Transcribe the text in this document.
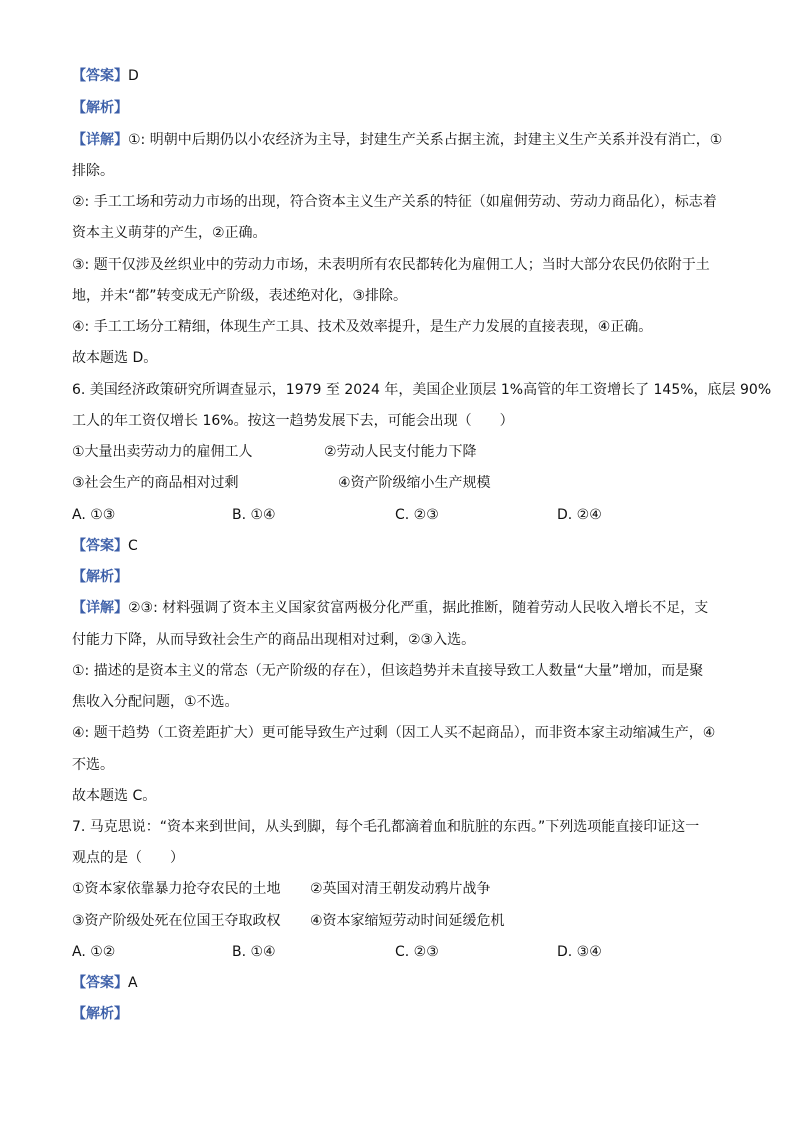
【答案】D
【解析】
【详解】①: 明朝中后期仍以小农经济为主导，封建生产关系占据主流，封建主义生产关系并没有消亡，①
排除。
②: 手工工场和劳动力市场的出现，符合资本主义生产关系的特征（如雇佣劳动、劳动力商品化），标志着
资本主义萌芽的产生，②正确。
③: 题干仅涉及丝织业中的劳动力市场，未表明所有农民都转化为雇佣工人；当时大部分农民仍依附于土
地，并未“都”转变成无产阶级，表述绝对化，③排除。
④: 手工工场分工精细，体现生产工具、技术及效率提升，是生产力发展的直接表现，④正确。
故本题选 D。
6. 美国经济政策研究所调查显示，1979 至 2024 年，美国企业顶层 1%高管的年工资增长了 145%，底层 90%
工人的年工资仅增长 16%。按这一趋势发展下去，可能会出现（　　）
①大量出卖劳动力的雇佣工人	②劳动人民支付能力下降
③社会生产的商品相对过剩	④资产阶级缩小生产规模
A. ①③	B. ①④	C. ②③	D. ②④
【答案】C
【解析】
【详解】②③: 材料强调了资本主义国家贫富两极分化严重，据此推断，随着劳动人民收入增长不足，支
付能力下降，从而导致社会生产的商品出现相对过剩，②③入选。
①: 描述的是资本主义的常态（无产阶级的存在），但该趋势并未直接导致工人数量“大量”增加，而是聚
焦收入分配问题，①不选。
④: 题干趋势（工资差距扩大）更可能导致生产过剩（因工人买不起商品），而非资本家主动缩减生产，④
不选。
故本题选 C。
7. 马克思说：“资本来到世间，从头到脚，每个毛孔都滴着血和肮脏的东西。”下列选项能直接印证这一
观点的是（　　）
①资本家依靠暴力抢夺农民的土地 ②英国对清王朝发动鸦片战争
③资产阶级处死在位国王夺取政权 ④资本家缩短劳动时间延缓危机
A. ①②	B. ①④	C. ②③	D. ③④
【答案】A
【解析】
